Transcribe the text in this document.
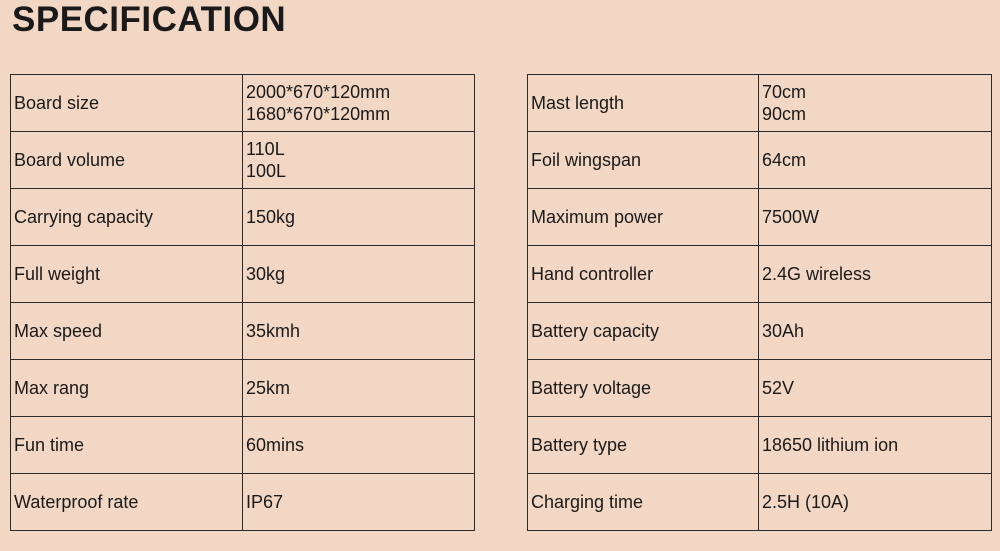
SPECIFICATION
Board size	2000*670*120mm
1680*670*120mm

Board volume	110L
100L

Carrying capacity	150kg
Full weight	30kg
Max speed	35kmh
Max rang	25km
Fun time	60mins
Waterproof rate	IP67
Mast length	70cm
90cm

Foil wingspan	64cm
Maximum power	7500W
Hand controller	2.4G wireless
Battery capacity	30Ah
Battery voltage	52V
Battery type	18650 lithium ion
Charging time	2.5H (10A)
